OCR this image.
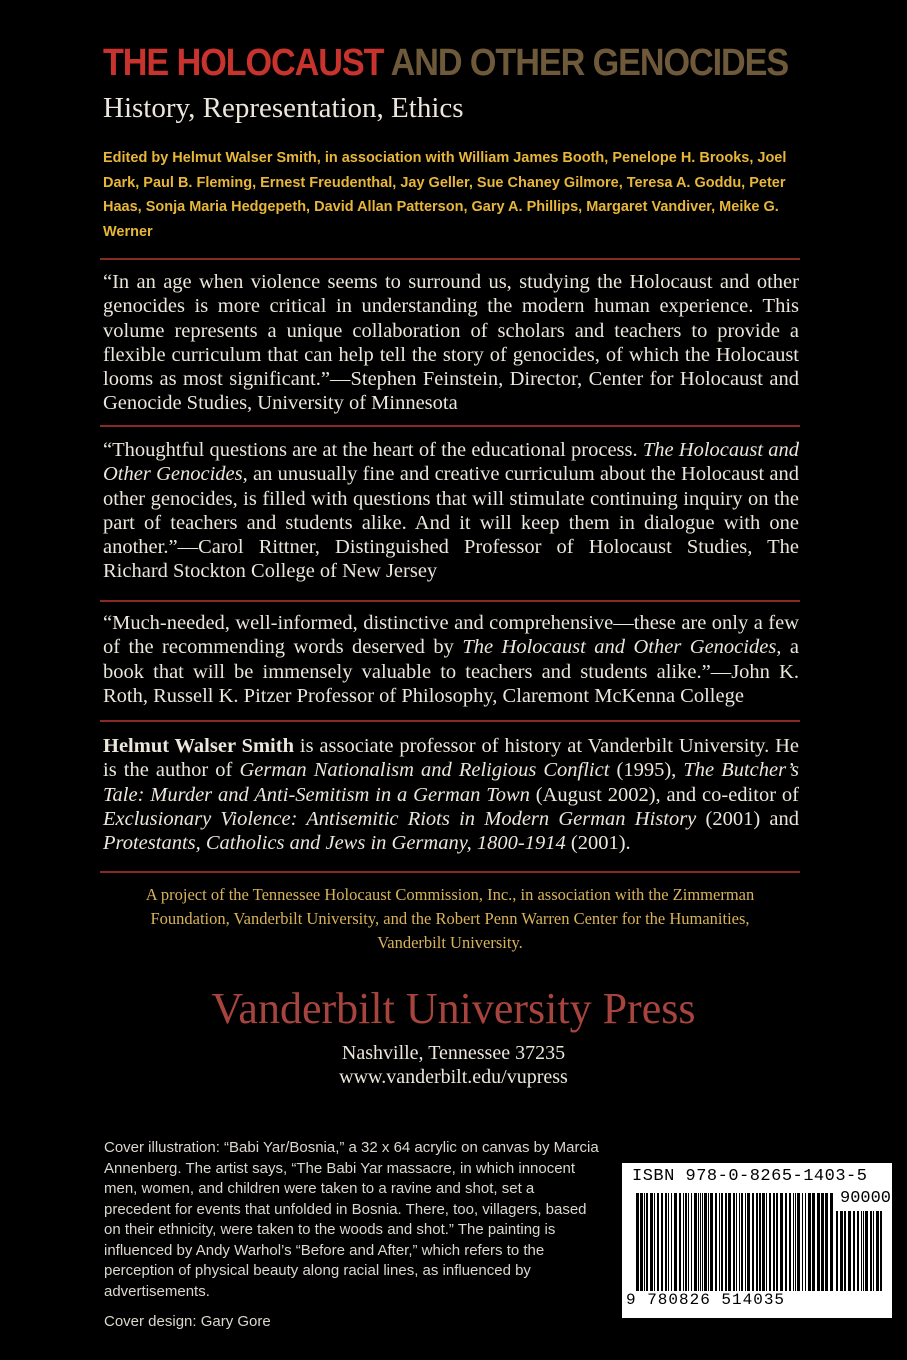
THE HOLOCAUST AND OTHER GENOCIDES
History, Representation, Ethics
Edited by Helmut Walser Smith, in association with William James Booth, Penelope H. Brooks, Joel Dark, Paul B. Fleming, Ernest Freudenthal, Jay Geller, Sue Chaney Gilmore, Teresa A. Goddu, Peter Haas, Sonja Maria Hedgepeth, David Allan Patterson, Gary A. Phillips, Margaret Vandiver, Meike G. Werner
“In an age when violence seems to surround us, studying the Holocaust and other genocides is more critical in understanding the modern human experience. This volume represents a unique collaboration of scholars and teachers to provide a flexible curriculum that can help tell the story of genocides, of which the Holocaust looms as most significant.”—Stephen Feinstein, Director, Center for Holocaust and Genocide Studies, University of Minnesota
“Thoughtful questions are at the heart of the educational process. The Holocaust and Other Genocides, an unusually fine and creative curriculum about the Holocaust and other genocides, is filled with questions that will stimulate continuing inquiry on the part of teachers and students alike. And it will keep them in dialogue with one another.”—Carol Rittner, Distinguished Professor of Holocaust Studies, The Richard Stockton College of New Jersey
“Much-needed, well-informed, distinctive and comprehensive—these are only a few of the recommending words deserved by The Holocaust and Other Genocides, a book that will be immensely valuable to teachers and students alike.”—John K. Roth, Russell K. Pitzer Professor of Philosophy, Claremont McKenna College
Helmut Walser Smith is associate professor of history at Vanderbilt University. He is the author of German Nationalism and Religious Conflict (1995), The Butcher’s Tale: Murder and Anti-Semitism in a German Town (August 2002), and co-editor of Exclusionary Violence: Antisemitic Riots in Modern German History (2001) and Protestants, Catholics and Jews in Germany, 1800-1914 (2001).
A project of the Tennessee Holocaust Commission, Inc., in association with the Zimmerman Foundation, Vanderbilt University, and the Robert Penn Warren Center for the Humanities, Vanderbilt University.
Vanderbilt University Press
Nashville, Tennessee 37235
www.vanderbilt.edu/vupress
Cover illustration: “Babi Yar/Bosnia,” a 32 x 64 acrylic on canvas by Marcia Annenberg. The artist says, “The Babi Yar massacre, in which innocent men, women, and children were taken to a ravine and shot, set a precedent for events that unfolded in Bosnia. There, too, villagers, based on their ethnicity, were taken to the woods and shot.” The painting is influenced by Andy Warhol’s “Before and After,” which refers to the perception of physical beauty along racial lines, as influenced by advertisements.
Cover design: Gary Gore
ISBN 978-0-8265-1403-5
90000
9 780826 514035
